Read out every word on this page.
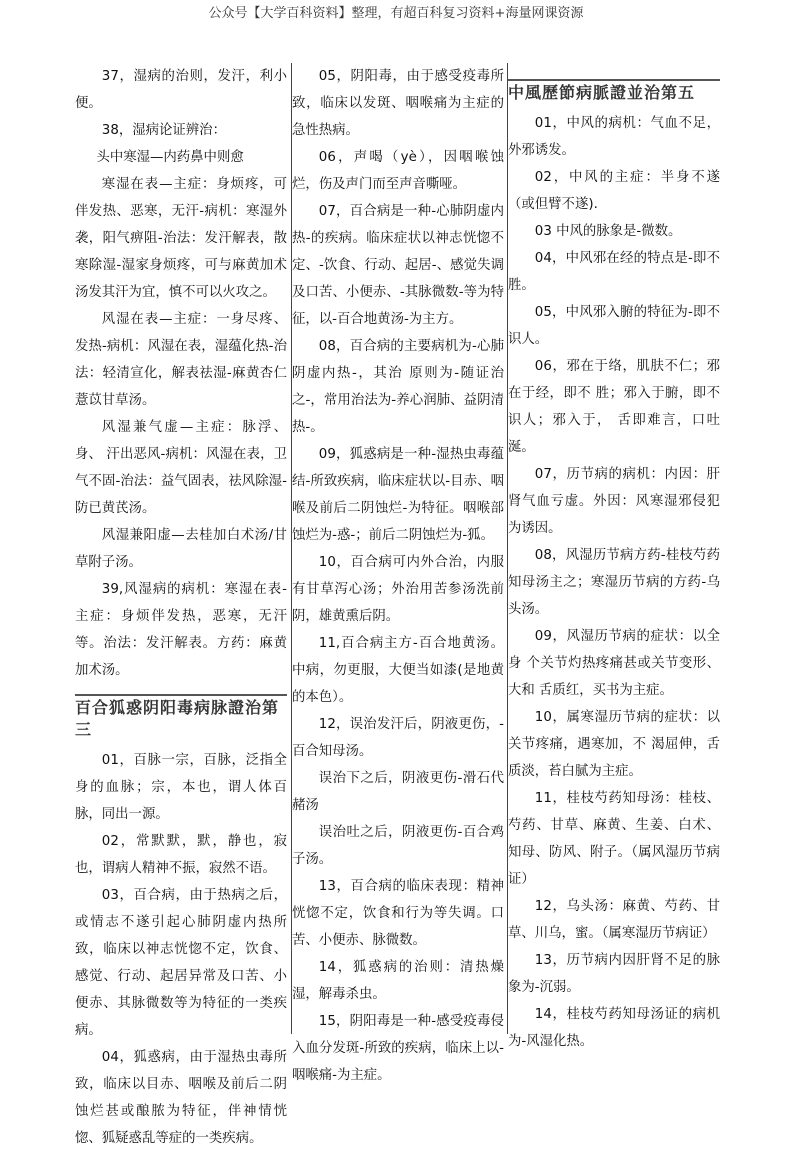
公众号【大学百科资料】整理，有超百科复习资料+海量网课资源

37，湿病的治则，发汗，利小便。

38，湿病论证辨治：

头中寒湿—内药鼻中则愈

寒湿在表—主症：身烦疼，可伴发热、恶寒，无汗-病机：寒湿外袭，阳气痹阻-治法：发汗解表，散寒除湿-湿家身烦疼，可与麻黄加术汤发其汗为宜，慎不可以火攻之。

风湿在表—主症：一身尽疼、发热-病机：风湿在表，湿蕴化热-治法：轻清宣化，解表祛湿-麻黄杏仁薏苡甘草汤。

风湿兼气虚—主症：脉浮、身、 汗出恶风-病机：风湿在表，卫气不固-治法：益气固表，祛风除湿-防已黄芪汤。

风湿兼阳虚—去桂加白术汤/甘草附子汤。

39,风湿病的病机：寒湿在表-主症：身烦伴发热，恶寒，无汗等。治法：发汗解表。方药：麻黄加术汤。

百合狐惑阴阳毒病脉證治第三

01，百脉一宗，百脉，泛指全身的血脉；宗，本也，谓人体百脉，同出一源。

02，常默默，默，静也，寂也，谓病人精神不振，寂然不语。

03，百合病，由于热病之后，或情志不遂引起心肺阴虚内热所致，临床以神志恍惚不定，饮食、感觉、行动、起居异常及口苦、小便赤、其脉微数等为特征的一类疾病。

04，狐惑病，由于湿热虫毒所致，临床以目赤、咽喉及前后二阴蚀烂甚或酿脓为特征，伴神情恍惚、狐疑惑乱等症的一类疾病。

05，阴阳毒，由于感受疫毒所致，临床以发斑、咽喉痛为主症的急性热病。

06，声喝（yè），因咽喉蚀烂，伤及声门而至声音嘶哑。

07，百合病是一种-心肺阴虚内热-的疾病。临床症状以神志恍惚不定、-饮食、行动、起居-、感觉失调及口苦、小便赤、-其脉微数-等为特征，以-百合地黄汤-为主方。

08，百合病的主要病机为-心肺阴虚内热-，其治 原则为-随证治之-，常用治法为-养心润肺、益阴清热-。

09，狐惑病是一种-湿热虫毒蕴结-所致疾病，临床症状以-目赤、咽喉及前后二阴蚀烂-为特征。咽喉部蚀烂为-惑-；前后二阴蚀烂为-狐。

10，百合病可内外合治，内服有甘草泻心汤；外治用苦参汤洗前阴，雄黄熏后阴。

11,百合病主方-百合地黄汤。中病，勿更服，大便当如漆(是地黄的本色）。

12，误治发汗后，阴液更伤，-百合知母汤。

误治下之后，阴液更伤-滑石代赭汤

误治吐之后，阴液更伤-百合鸡子汤。

13，百合病的临床表现：精神恍惚不定，饮食和行为等失调。口苦、小便赤、脉微数。

14，狐惑病的治则：清热燥湿，解毒杀虫。

15，阴阳毒是一种-感受疫毒侵入血分发斑-所致的疾病，临床上以-咽喉痛-为主症。

中風歷節病脈證並治第五

01，中风的病机：气血不足，外邪诱发。

02，中风的主症：半身不遂（或但臂不遂).

03 中风的脉象是-微数。

04，中风邪在经的特点是-即不 胜。

05，中风邪入腑的特征为-即不识人。

06，邪在于络，肌肤不仁；邪在于经，即不 胜；邪入于腑，即不识人；邪入于， 舌即难言，口吐涎。

07，历节病的病机：内因：肝肾气血亏虚。外因：风寒湿邪侵犯为诱因。

08，风湿历节病方药-桂枝芍药知母汤主之；寒湿历节病的方药-乌头汤。

09，风湿历节病的症状：以全身 个关节灼热疼痛甚或关节变形、大和 舌质红，买书为主症。

10，属寒湿历节病的症状：以关节疼痛，遇寒加，不 渴屈伸，舌质淡，苔白腻为主症。

11，桂枝芍药知母汤：桂枝、芍药、甘草、麻黄、生姜、白术、知母、防风、附子。（属风湿历节病证）

12，乌头汤：麻黄、芍药、甘草、川乌，蜜。（属寒湿历节病证）

13，历节病内因肝肾不足的脉象为-沉弱。

14，桂枝芍药知母汤证的病机为-风湿化热。
